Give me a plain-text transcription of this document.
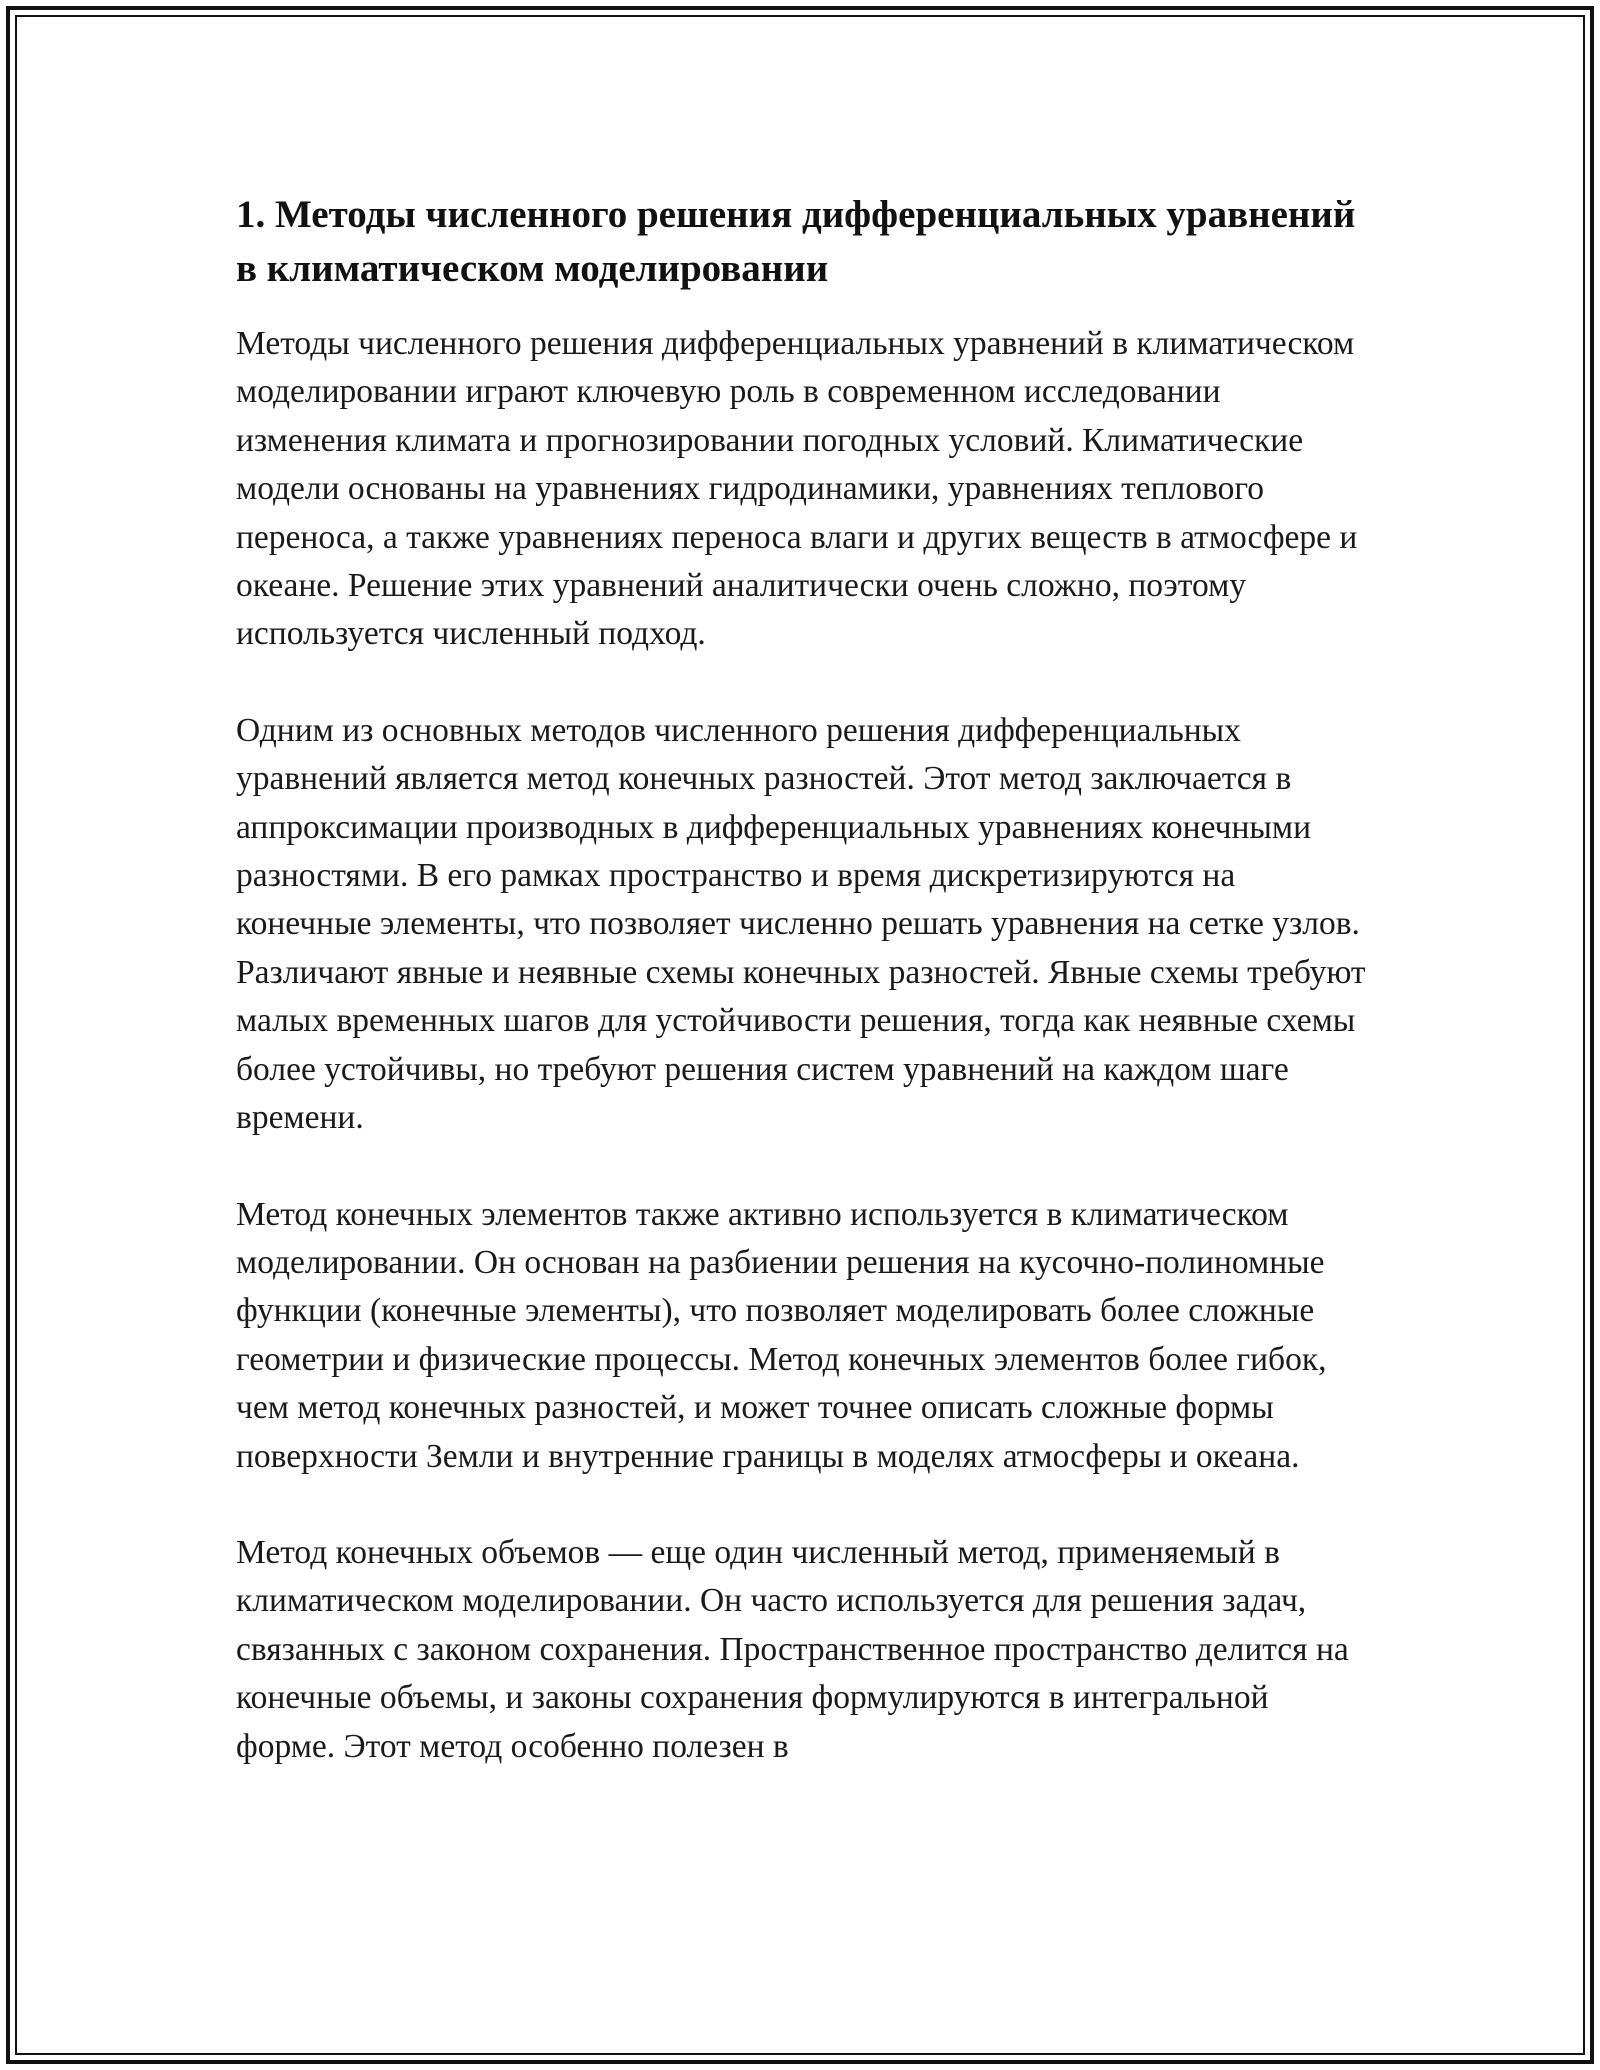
1. Методы численного решения дифференциальных уравнений в климатическом моделировании

Методы численного решения дифференциальных уравнений в климатическом моделировании играют ключевую роль в современном исследовании изменения климата и прогнозировании погодных условий. Климатические модели основаны на уравнениях гидродинамики, уравнениях теплового переноса, а также уравнениях переноса влаги и других веществ в атмосфере и океане. Решение этих уравнений аналитически очень сложно, поэтому используется численный подход.

Одним из основных методов численного решения дифференциальных уравнений является метод конечных разностей. Этот метод заключается в аппроксимации производных в дифференциальных уравнениях конечными разностями. В его рамках пространство и время дискретизируются на конечные элементы, что позволяет численно решать уравнения на сетке узлов. Различают явные и неявные схемы конечных разностей. Явные схемы требуют малых временных шагов для устойчивости решения, тогда как неявные схемы более устойчивы, но требуют решения систем уравнений на каждом шаге времени.

Метод конечных элементов также активно используется в климатическом моделировании. Он основан на разбиении решения на кусочно-полиномные функции (конечные элементы), что позволяет моделировать более сложные геометрии и физические процессы. Метод конечных элементов более гибок, чем метод конечных разностей, и может точнее описать сложные формы поверхности Земли и внутренние границы в моделях атмосферы и океана.

Метод конечных объемов — еще один численный метод, применяемый в климатическом моделировании. Он часто используется для решения задач, связанных с законом сохранения. Пространственное пространство делится на конечные объемы, и законы сохранения формулируются в интегральной форме. Этот метод особенно полезен в
